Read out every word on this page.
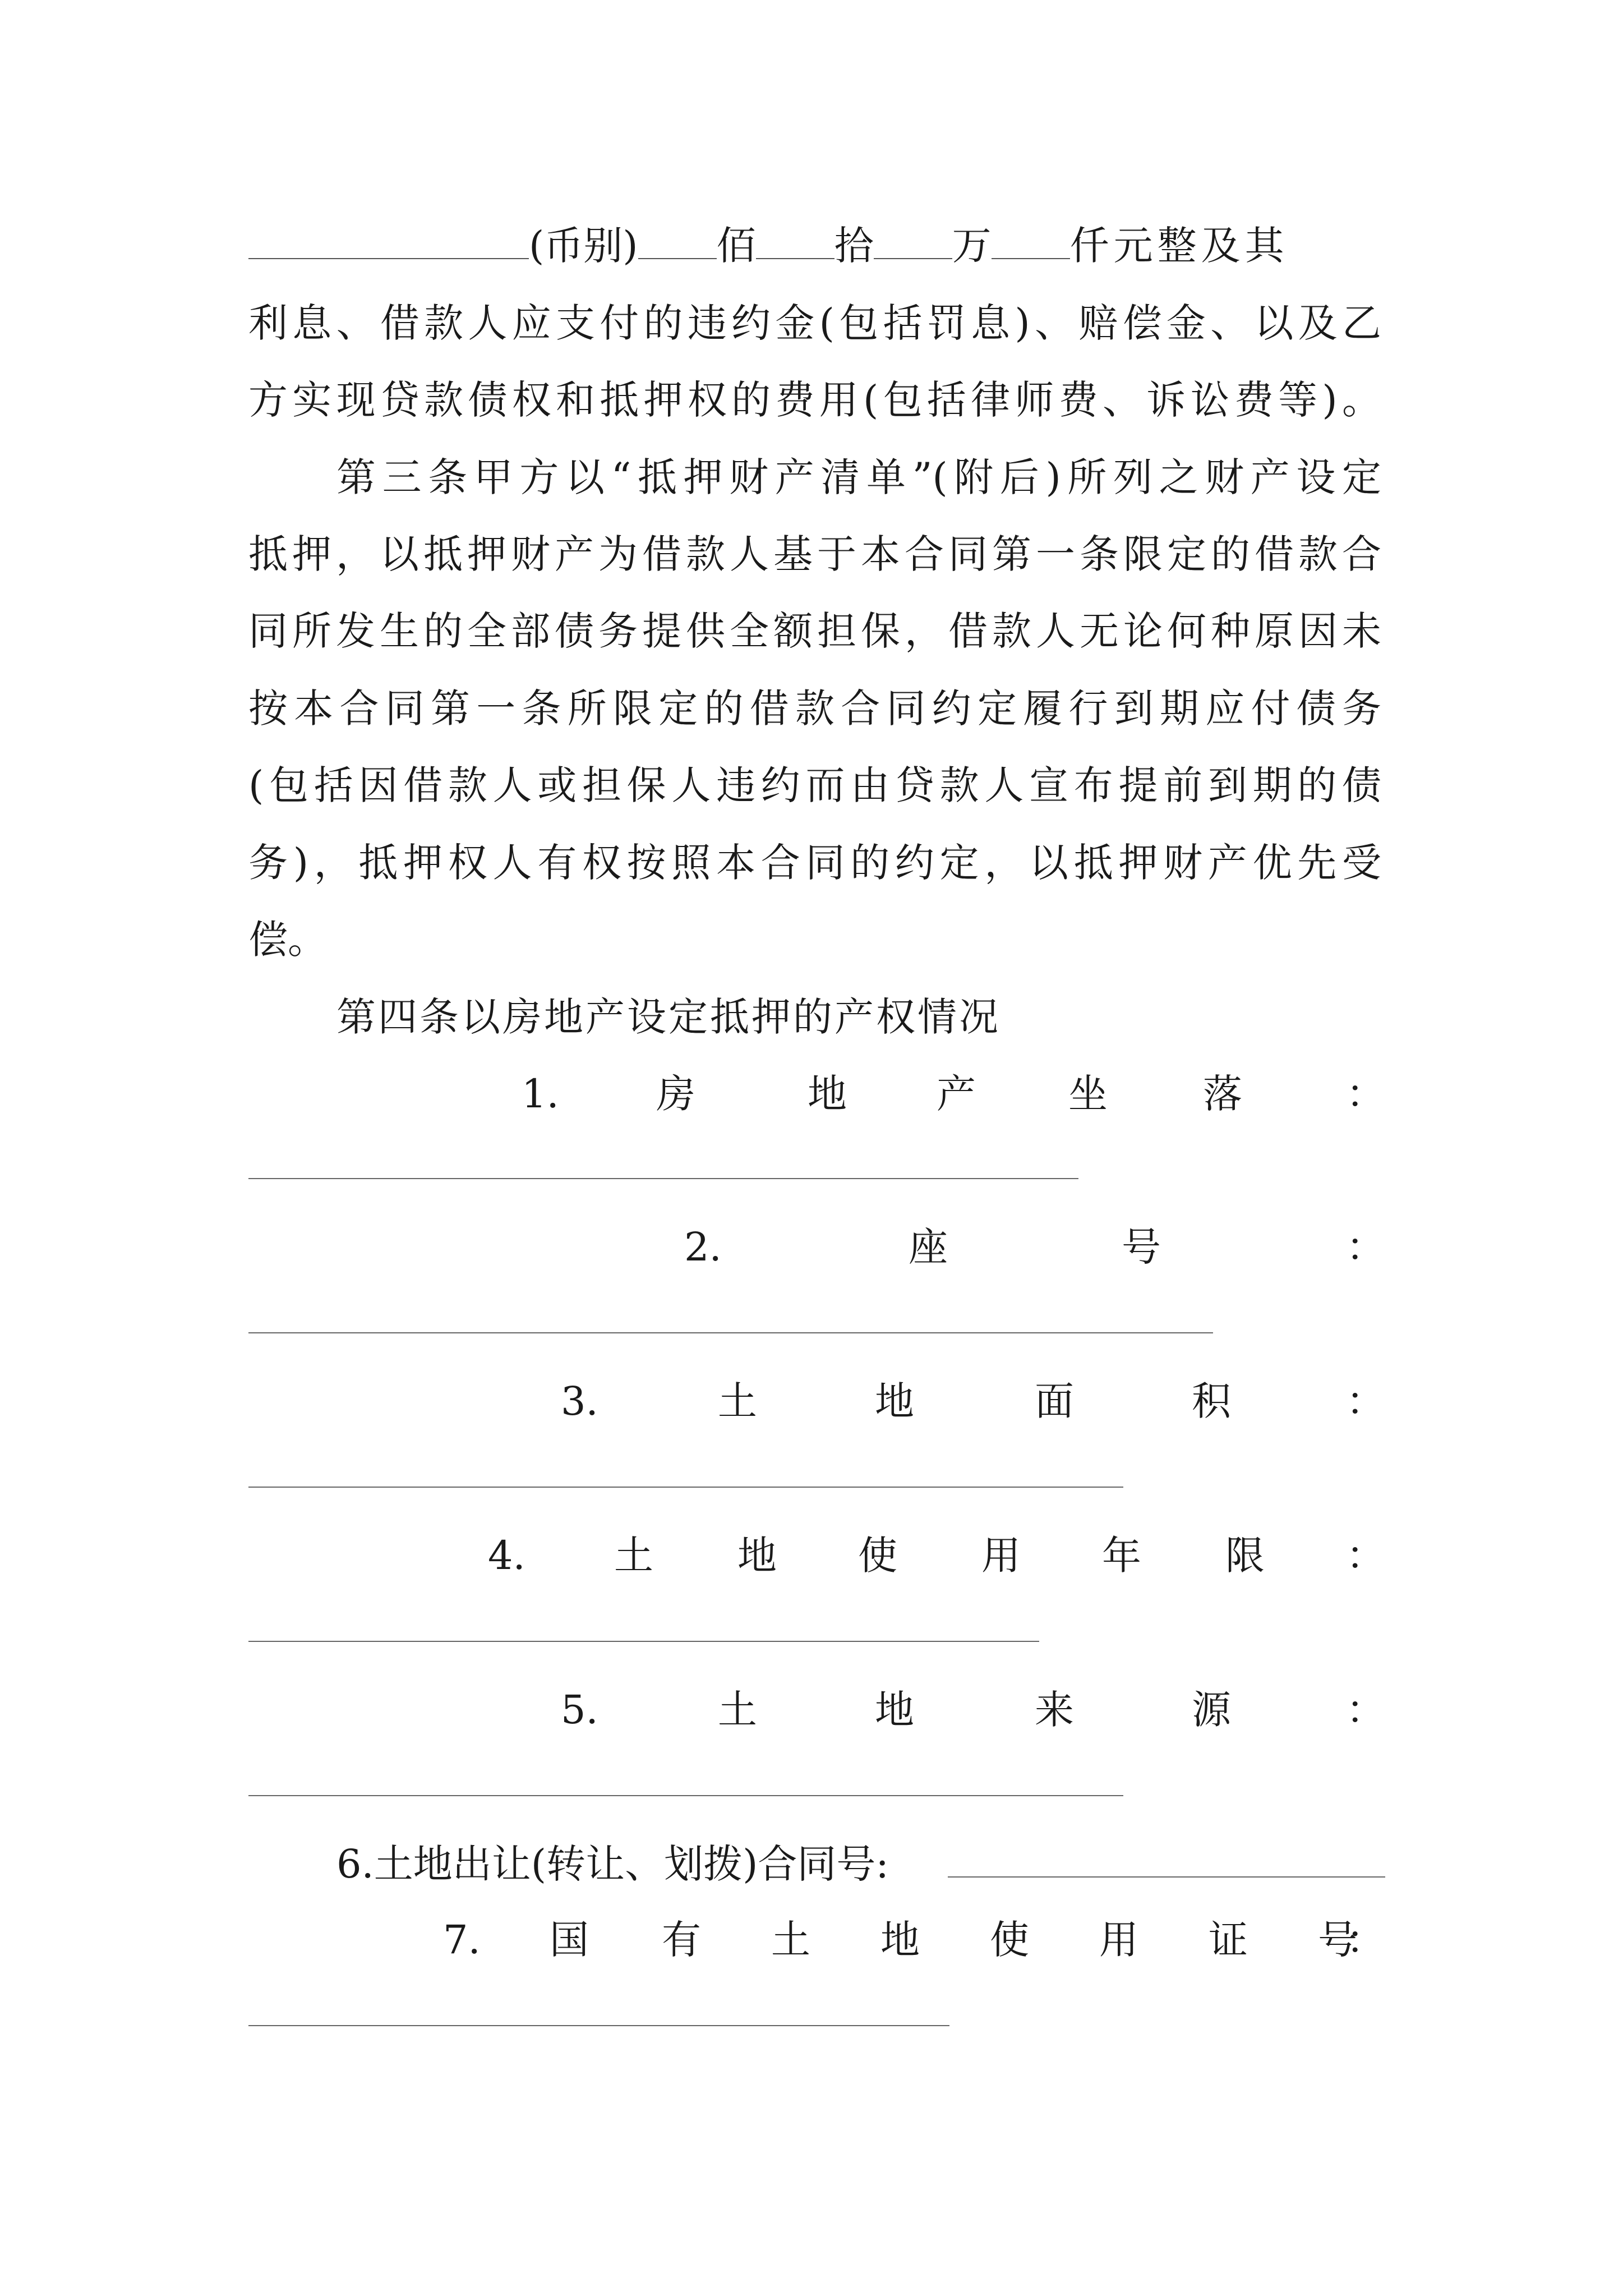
(币别) 佰 拾 万 仟元整及其
利息、借款人应支付的违约金(包括罚息)、赔偿金、以及乙
方实现贷款债权和抵押权的费用(包括律师费、诉讼费等)。
第三条甲方以“抵押财产清单”(附后)所列之财产设定
抵押，以抵押财产为借款人基于本合同第一条限定的借款合
同所发生的全部债务提供全额担保，借款人无论何种原因未
按本合同第一条所限定的借款合同约定履行到期应付债务
(包括因借款人或担保人违约而由贷款人宣布提前到期的债
务)，抵押权人有权按照本合同的约定，以抵押财产优先受
偿。
第四条以房地产设定抵押的产权情况
1. 房	地 产 坐 落	：
2.	座	号	：
3.	土	地	面	积	：
4. 土 地 使 用 年 限 ：
5.	土	地	来	源	：
6.土地出让(转让、划拨)合同号:
7. 国 有 土 地 使 用 证 号
：
